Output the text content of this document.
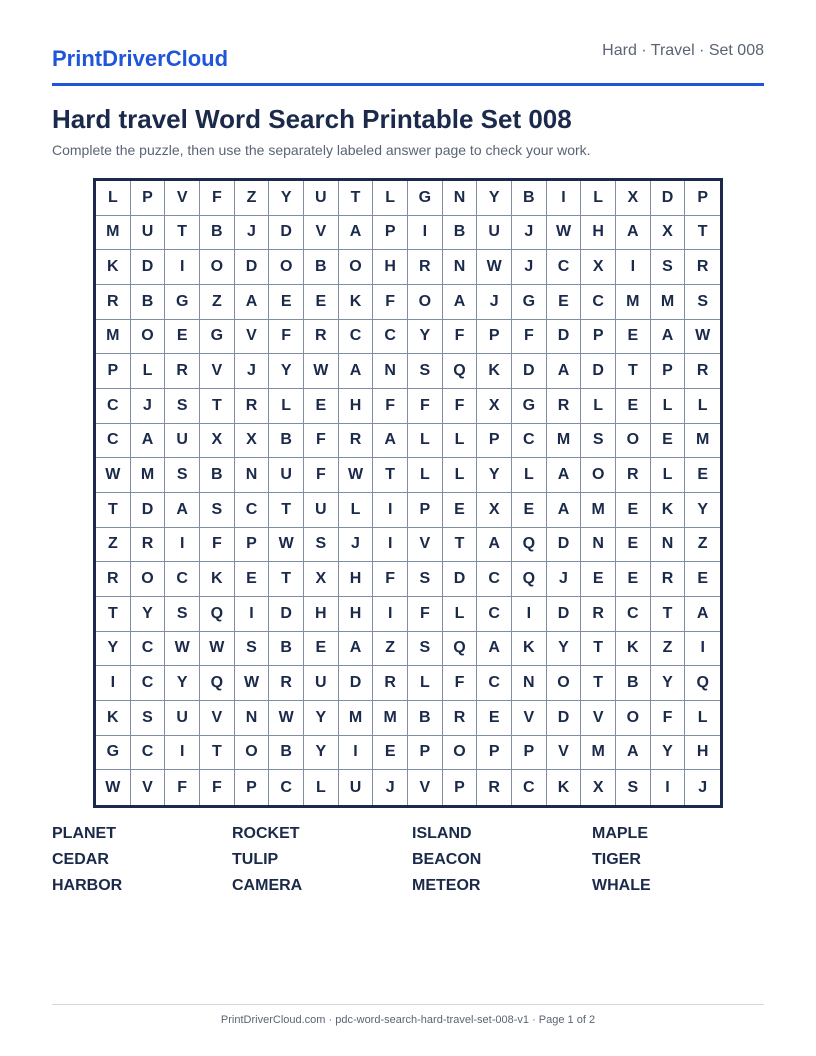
PrintDriverCloud	Hard · Travel · Set 008
Hard travel Word Search Printable Set 008
Complete the puzzle, then use the separately labeled answer page to check your work.
L	P	V	F	Z	Y	U	T	L	G	N	Y	B	I	L	X	D	P
M	U	T	B	J	D	V	A	P	I	B	U	J	W	H	A	X	T
K	D	I	O	D	O	B	O	H	R	N	W	J	C	X	I	S	R
R	B	G	Z	A	E	E	K	F	O	A	J	G	E	C	M	M	S
M	O	E	G	V	F	R	C	C	Y	F	P	F	D	P	E	A	W
P	L	R	V	J	Y	W	A	N	S	Q	K	D	A	D	T	P	R
C	J	S	T	R	L	E	H	F	F	F	X	G	R	L	E	L	L
C	A	U	X	X	B	F	R	A	L	L	P	C	M	S	O	E	M
W	M	S	B	N	U	F	W	T	L	L	Y	L	A	O	R	L	E
T	D	A	S	C	T	U	L	I	P	E	X	E	A	M	E	K	Y
Z	R	I	F	P	W	S	J	I	V	T	A	Q	D	N	E	N	Z
R	O	C	K	E	T	X	H	F	S	D	C	Q	J	E	E	R	E
T	Y	S	Q	I	D	H	H	I	F	L	C	I	D	R	C	T	A
Y	C	W	W	S	B	E	A	Z	S	Q	A	K	Y	T	K	Z	I
I	C	Y	Q	W	R	U	D	R	L	F	C	N	O	T	B	Y	Q
K	S	U	V	N	W	Y	M	M	B	R	E	V	D	V	O	F	L
G	C	I	T	O	B	Y	I	E	P	O	P	P	V	M	A	Y	H
W	V	F	F	P	C	L	U	J	V	P	R	C	K	X	S	I	J
PLANET	ROCKET	ISLAND	MAPLE
CEDAR	TULIP	BEACON	TIGER
HARBOR	CAMERA	METEOR	WHALE
PrintDriverCloud.com · pdc-word-search-hard-travel-set-008-v1 · Page 1 of 2
